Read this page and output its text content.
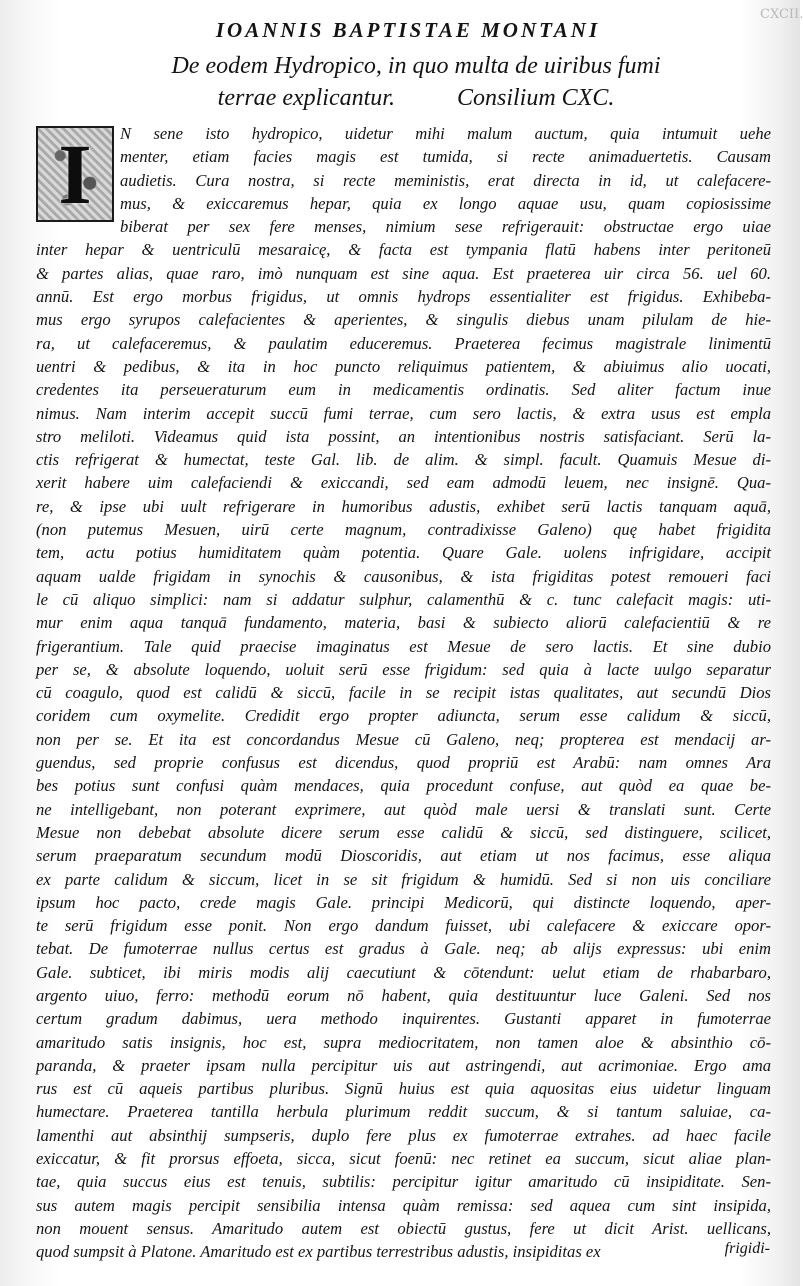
CXCII.
IOANNIS BAPTISTAE MONTANI
De eodem Hydropico, in quo multa de uiribus fumi
terrae explicantur.	Consilium CXC.
I	N sene isto hydropico, uidetur mihi malum auctum, quia intumuit uehe
menter, etiam facies magis est tumida, si recte animaduertetis. Causam
audietis. Cura nostra, si recte meministis, erat directa in id, ut calefacere-
mus, & exiccaremus hepar, quia ex longo aquae usu, quam copiosissime
biberat per sex fere menses, nimium sese refrigerauit: obstructae ergo uiae
inter hepar & uentriculū mesaraicę, & facta est tympania flatū habens inter peritoneū
& partes alias, quae raro, imò nunquam est sine aqua. Est praeterea uir circa 56. uel 60.
annū. Est ergo morbus frigidus, ut omnis hydrops essentialiter est frigidus. Exhibeba-
mus ergo syrupos calefacientes & aperientes, & singulis diebus unam pilulam de hie-
ra, ut calefaceremus, & paulatim educeremus. Praeterea fecimus magistrale linimentū
uentri & pedibus, & ita in hoc puncto reliquimus patientem, & abiuimus alio uocati,
credentes ita perseueraturum eum in medicamentis ordinatis. Sed aliter factum inue
nimus. Nam interim accepit succū fumi terrae, cum sero lactis, & extra usus est empla
stro meliloti. Videamus quid ista possint, an intentionibus nostris satisfaciant. Serū la-
ctis refrigerat & humectat, teste Gal. lib. de alim. & simpl. facult. Quamuis Mesue di-
xerit habere uim calefaciendi & exiccandi, sed eam admodū leuem, nec insignē. Qua-
re, & ipse ubi uult refrigerare in humoribus adustis, exhibet serū lactis tanquam aquā,
(non putemus Mesuen, uirū certe magnum, contradixisse Galeno) quę habet frigidita
tem, actu potius humiditatem quàm potentia. Quare Gale. uolens infrigidare, accipit
aquam ualde frigidam in synochis & causonibus, & ista frigiditas potest remoueri faci
le cū aliquo simplici: nam si addatur sulphur, calamenthū & c. tunc calefacit magis: uti-
mur enim aqua tanquā fundamento, materia, basi & subiecto aliorū calefacientiū & re
frigerantium. Tale quid praecise imaginatus est Mesue de sero lactis. Et sine dubio
per se, & absolute loquendo, uoluit serū esse frigidum: sed quia à lacte uulgo separatur
cū coagulo, quod est calidū & siccū, facile in se recipit istas qualitates, aut secundū Dios
coridem cum oxymelite. Credidit ergo propter adiuncta, serum esse calidum & siccū,
non per se. Et ita est concordandus Mesue cū Galeno, neq; propterea est mendacij ar-
guendus, sed proprie confusus est dicendus, quod propriū est Arabū: nam omnes Ara
bes potius sunt confusi quàm mendaces, quia procedunt confuse, aut quòd ea quae be-
ne intelligebant, non poterant exprimere, aut quòd male uersi & translati sunt. Certe
Mesue non debebat absolute dicere serum esse calidū & siccū, sed distinguere, scilicet,
serum praeparatum secundum modū Dioscoridis, aut etiam ut nos facimus, esse aliqua
ex parte calidum & siccum, licet in se sit frigidum & humidū. Sed si non uis conciliare
ipsum hoc pacto, crede magis Gale. principi Medicorū, qui distincte loquendo, aper-
te serū frigidum esse ponit. Non ergo dandum fuisset, ubi calefacere & exiccare opor-
tebat. De fumoterrae nullus certus est gradus à Gale. neq; ab alijs expressus: ubi enim
Gale. subticet, ibi miris modis alij caecutiunt & cōtendunt: uelut etiam de rhabarbaro,
argento uiuo, ferro: methodū eorum nō habent, quia destituuntur luce Galeni. Sed nos
certum gradum dabimus, uera methodo inquirentes. Gustanti apparet in fumoterrae
amaritudo satis insignis, hoc est, supra mediocritatem, non tamen aloe & absinthio cō-
paranda, & praeter ipsam nulla percipitur uis aut astringendi, aut acrimoniae. Ergo ama
rus est cū aqueis partibus pluribus. Signū huius est quia aquositas eius uidetur linguam
humectare. Praeterea tantilla herbula plurimum reddit succum, & si tantum saluiae, ca-
lamenthi aut absinthij sumpseris, duplo fere plus ex fumoterrae extrahes. ad haec facile
exiccatur, & fit prorsus effoeta, sicca, sicut foenū: nec retinet ea succum, sicut aliae plan-
tae, quia succus eius est tenuis, subtilis: percipitur igitur amaritudo cū insipiditate. Sen-
sus autem magis percipit sensibilia intensa quàm remissa: sed aquea cum sint insipida,
non mouent sensus. Amaritudo autem est obiectū gustus, fere ut dicit Arist. uellicans,
quod sumpsit à Platone. Amaritudo est ex partibus terrestribus adustis, insipiditas ex	frigidi-
